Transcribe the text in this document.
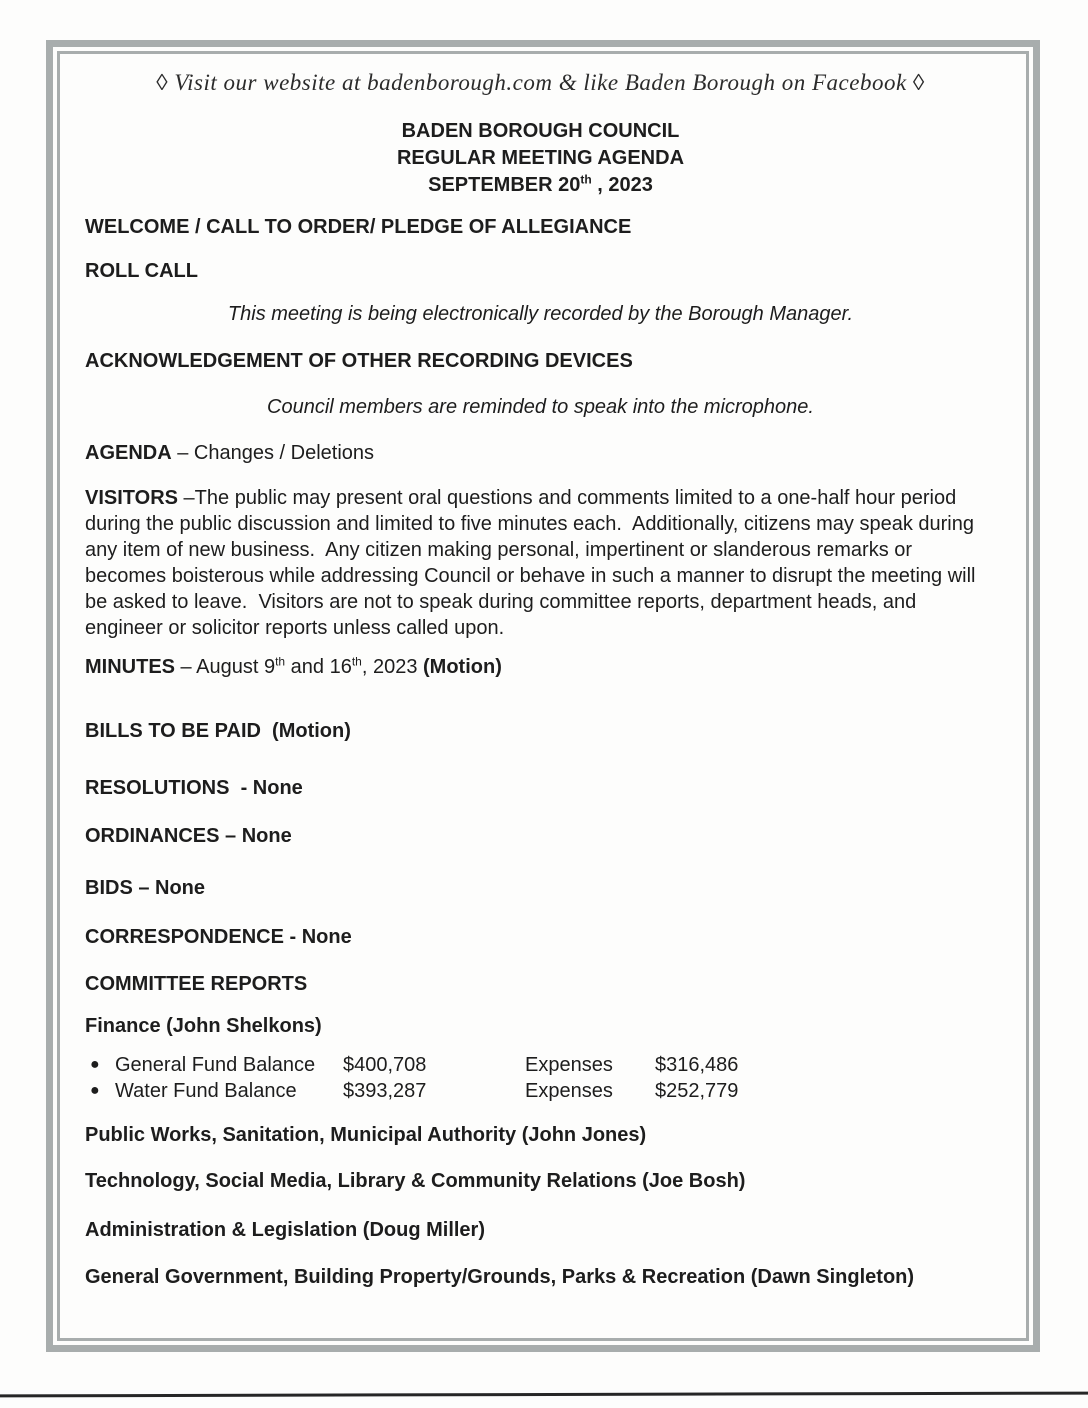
◊ Visit our website at badenborough.com & like Baden Borough on Facebook ◊
BADEN BOROUGH COUNCIL
REGULAR MEETING AGENDA
SEPTEMBER 20th , 2023
WELCOME / CALL TO ORDER/ PLEDGE OF ALLEGIANCE
ROLL CALL
This meeting is being electronically recorded by the Borough Manager.
ACKNOWLEDGEMENT OF OTHER RECORDING DEVICES
Council members are reminded to speak into the microphone.
AGENDA – Changes / Deletions
VISITORS –The public may present oral questions and comments limited to a one-half hour period during the public discussion and limited to five minutes each.  Additionally, citizens may speak during any item of new business.  Any citizen making personal, impertinent or slanderous remarks or becomes boisterous while addressing Council or behave in such a manner to disrupt the meeting will be asked to leave.  Visitors are not to speak during committee reports, department heads, and engineer or solicitor reports unless called upon.
MINUTES – August 9th and 16th, 2023 (Motion)
BILLS TO BE PAID  (Motion)
RESOLUTIONS  - None
ORDINANCES – None
BIDS – None
CORRESPONDENCE - None
COMMITTEE REPORTS
Finance (John Shelkons)
● General Fund Balance	$400,708	Expenses	$316,486
● Water Fund Balance	$393,287	Expenses	$252,779
Public Works, Sanitation, Municipal Authority (John Jones)
Technology, Social Media, Library & Community Relations (Joe Bosh)
Administration & Legislation (Doug Miller)
General Government, Building Property/Grounds, Parks & Recreation (Dawn Singleton)
